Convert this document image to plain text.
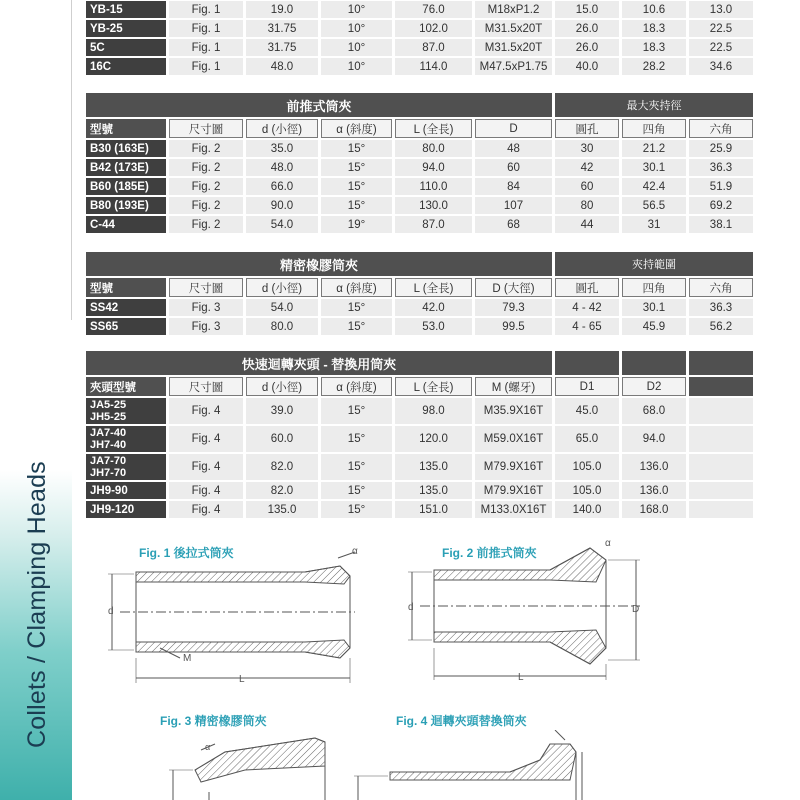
Collets / Clamping Heads
YB-15	Fig. 1	19.0	10°	76.0	M18xP1.2	15.0	10.6	13.0
YB-25	Fig. 1	31.75	10°	102.0	M31.5x20T	26.0	18.3	22.5
5C	Fig. 1	31.75	10°	87.0	M31.5x20T	26.0	18.3	22.5
16C	Fig. 1	48.0	10°	114.0	M47.5xP1.75	40.0	28.2	34.6
前推式筒夾						最大夾持徑		
型號	尺寸圖	d (小徑)	α (斜度)	L (全長)	D	圓孔	四角	六角
B30 (163E)	Fig. 2	35.0	15°	80.0	48	30	21.2	25.9
B42 (173E)	Fig. 2	48.0	15°	94.0	60	42	30.1	36.3
B60 (185E)	Fig. 2	66.0	15°	110.0	84	60	42.4	51.9
B80 (193E)	Fig. 2	90.0	15°	130.0	107	80	56.5	69.2
C-44	Fig. 2	54.0	19°	87.0	68	44	31	38.1
精密橡膠筒夾						夾持範圍		
型號	尺寸圖	d (小徑)	α (斜度)	L (全長)	D (大徑)	圓孔	四角	六角
SS42	Fig. 3	54.0	15°	42.0	79.3	4 - 42	30.1	36.3
SS65	Fig. 3	80.0	15°	53.0	99.5	4 - 65	45.9	56.2
快速迴轉夾頭 - 替換用筒夾								
夾頭型號	尺寸圖	d (小徑)	α (斜度)	L (全長)	M (螺牙)	D1	D2	
JA5-25
JH5-25	Fig. 4	39.0	15°	98.0	M35.9X16T	45.0	68.0	
JA7-40
JH7-40	Fig. 4	60.0	15°	120.0	M59.0X16T	65.0	94.0	
JA7-70
JH7-70	Fig. 4	82.0	15°	135.0	M79.9X16T	105.0	136.0	
JH9-90	Fig. 4	82.0	15°	135.0	M79.9X16T	105.0	136.0	
JH9-120	Fig. 4	135.0	15°	151.0	M133.0X16T	140.0	168.0	
Fig. 1 後拉式筒夾	Fig. 2 前推式筒夾
Fig. 3 精密橡膠筒夾	Fig. 4 迴轉夾頭替換筒夾
d
M
L
α
d	D
L
α
α
